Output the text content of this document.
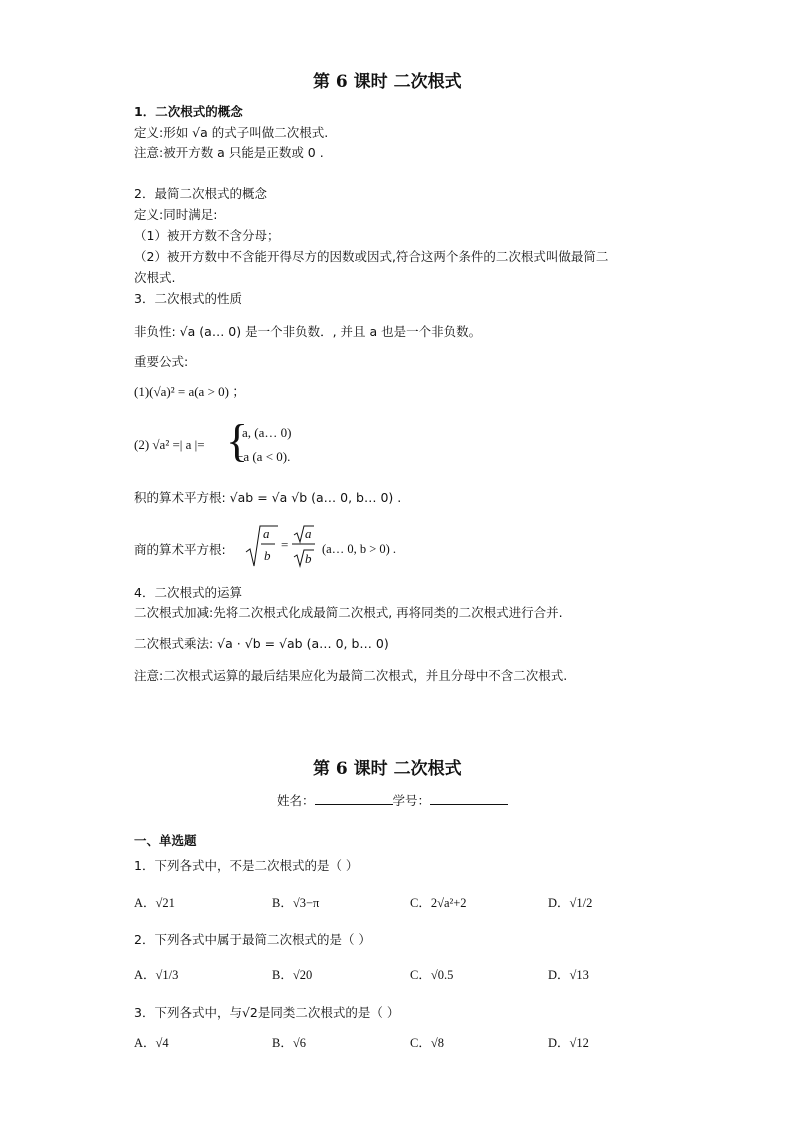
第 6 课时 二次根式
1．二次根式的概念
定义:形如 √a 的式子叫做二次根式.
注意:被开方数 a 只能是正数或 0 .
2．最简二次根式的概念
定义:同时满足:
（1）被开方数不含分母；
（2）被开方数中不含能开得尽方的因数或因式,符合这两个条件的二次根式叫做最简二
次根式.
3．二次根式的性质
非负性: √a (a… 0) 是一个非负数．, 并且 a 也是一个非负数。
重要公式:
(1)(√a)² = a(a > 0) ；
(2) √a² =| a |= {
a, (a… 0)
−a (a < 0).
积的算术平方根: √ab = √a √b (a… 0, b… 0) .
商的算术平方根:
a
b
=
a
b
(a… 0, b > 0) .
4．二次根式的运算
二次根式加减:先将二次根式化成最简二次根式, 再将同类的二次根式进行合并.
二次根式乘法: √a · √b = √ab (a… 0, b… 0)
注意:二次根式运算的最后结果应化为最简二次根式，并且分母中不含二次根式.
第 6 课时 二次根式
姓名：	学号：
一、单选题
1．下列各式中，不是二次根式的是（ ）
A．√21	B．√3−π	C．2√a²+2	D．√1/2
2．下列各式中属于最简二次根式的是（ ）
A．√1/3	B．√20	C．√0.5	D．√13
3．下列各式中，与√2是同类二次根式的是（ ）
A．√4	B．√6	C．√8	D．√12
